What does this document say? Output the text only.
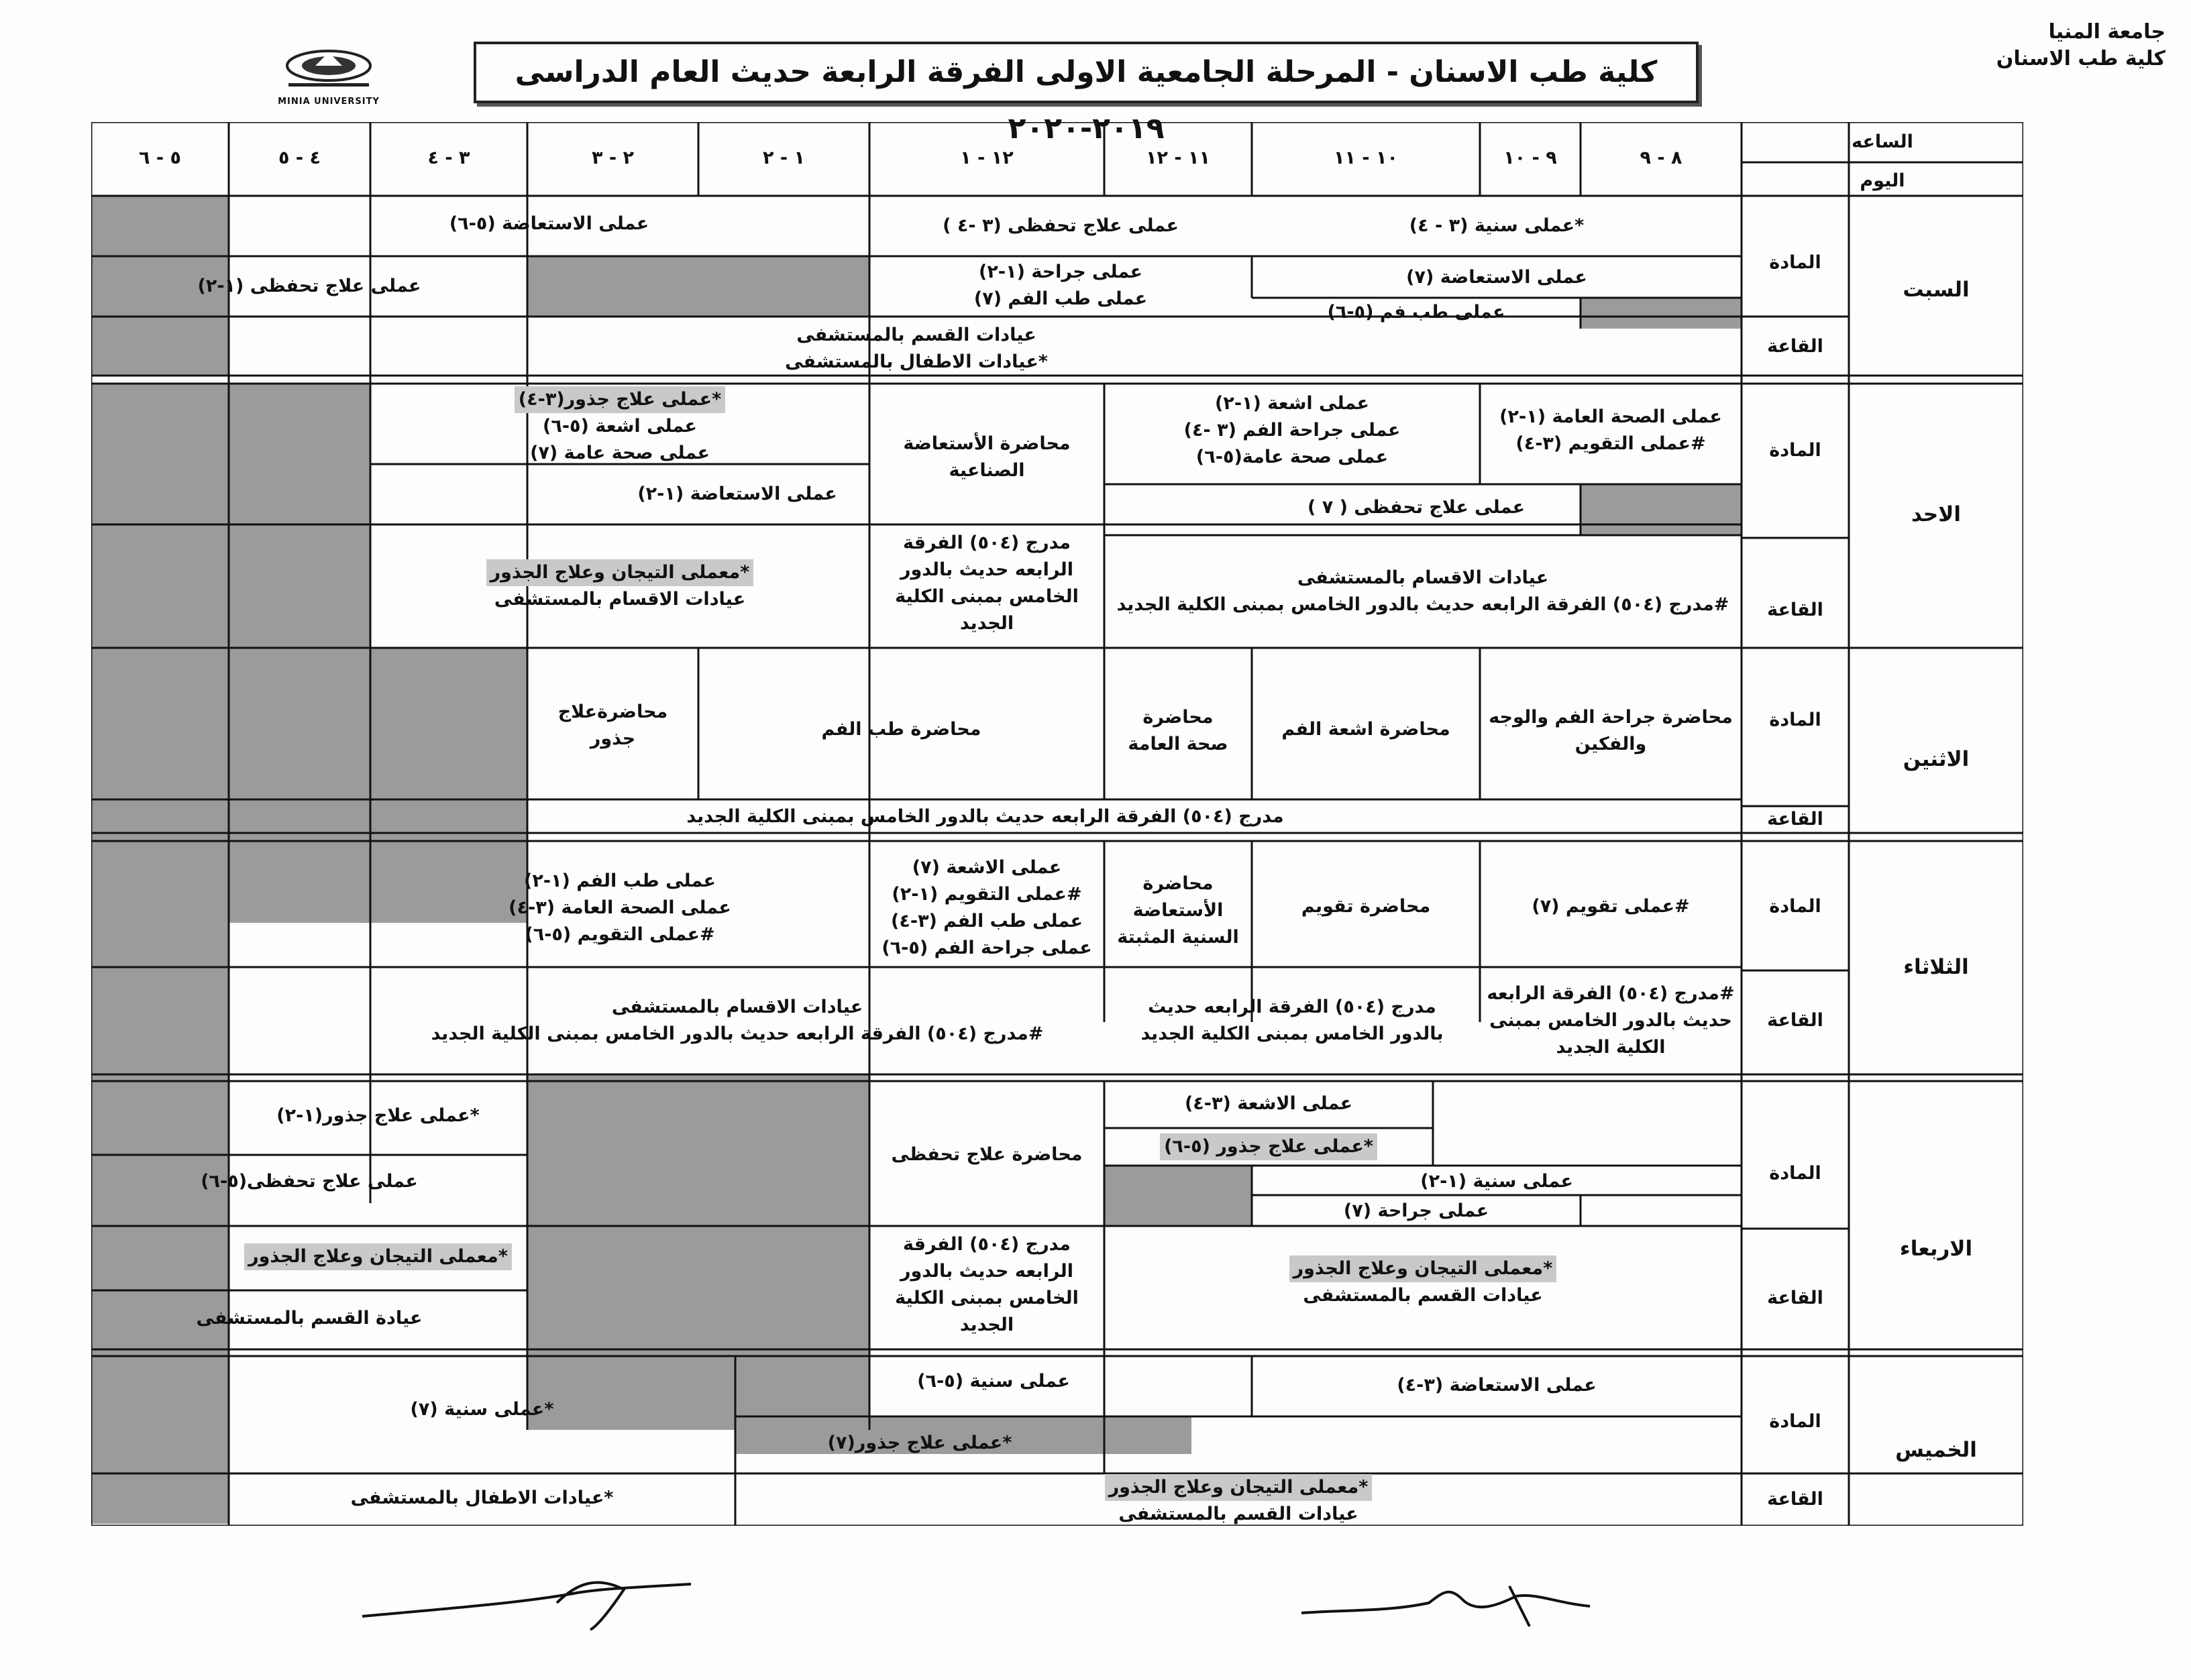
جامعة المنيا
كلية طب الاسنان
MINIA UNIVERSITY
كلية طب الاسنان - المرحلة الجامعية الاولى الفرقة الرابعة حديث العام الدراسى ٢٠١٩-٢٠٢٠	الساعه
اليوم
٨ - ٩
٩ - ١٠
١٠ - ١١
١١ - ١٢
١٢ - ١
١ - ٢
٢ - ٣
٣ - ٤
٤ - ٥
٥ - ٦
السبت
المادة
القاعة
*عملى سنية (٣ - ٤)
عملى علاج تحفظى (٣ -٤ )
عملى الاستعاضة (٥-٦)
عملى الاستعاضة (٧)
عملى طب فم (٥-٦)
عملى جراحة (١-٢)
عملى طب الفم (٧)
عملى علاج تحفظى (١-٢)
عيادات القسم بالمستشفى
*عيادات الاطفال بالمستشفى
الاحد
المادة
القاعة
عملى الصحة العامة (١-٢)
#عملى التقويم (٣-٤)
عملى اشعة (١-٢)
عملى جراحة الفم (٣ -٤)
عملى صحة عامة(٥-٦)
محاضرة الأستعاضة
الصناعية
*عملى علاج جذور(٣-٤)
عملى اشعة (٥-٦)
عملى صحة عامة (٧)
عملى علاج تحفظى ( ٧ )
عملى الاستعاضة (١-٢)
عيادات الاقسام بالمستشفى
#مدرج (٥٠٤) الفرقة الرابعه حديث بالدور الخامس بمبنى الكلية الجديد
مدرج (٥٠٤) الفرقة
الرابعه حديث بالدور
الخامس بمبنى الكلية
الجديد
*معملى التيجان وعلاج الجذور
عيادات الاقسام بالمستشفى
الاثنين
المادة
القاعة
محاضرة جراحة الفم والوجه
والفكين
محاضرة اشعة الفم
محاضرة
صحة العامة
محاضرة طب الفم
محاضرةعلاج
جذور
مدرج (٥٠٤) الفرقة الرابعه حديث بالدور الخامس بمبنى الكلية الجديد
الثلاثاء
المادة
القاعة
#عملى تقويم (٧)
محاضرة تقويم
محاضرة
الأستعاضة
السنية المثبتة
عملى الاشعة (٧)
#عملى التقويم (١-٢)
عملى طب الفم (٣-٤)
عملى جراحة الفم (٥-٦)
عملى طب الفم (١-٢)
عملى الصحة العامة (٣-٤)
#عملى التقويم (٥-٦)
#مدرج (٥٠٤) الفرقة الرابعه
حديث بالدور الخامس بمبنى
الكلية الجديد
مدرج (٥٠٤) الفرقة الرابعه حديث
بالدور الخامس بمبنى الكلية الجديد
عيادات الاقسام بالمستشفى
#مدرج (٥٠٤) الفرقة الرابعه حديث بالدور الخامس بمبنى الكلية الجديد
الاربعاء
المادة
القاعة
عملى الاشعة (٣-٤)
*عملى علاج جذور (٥-٦)
عملى سنية (١-٢)
عملى جراحة (٧)
محاضرة علاج تحفظى
*عملى علاج جذور(١-٢)
عملى علاج تحفظى(٥-٦)
*معملى التيجان وعلاج الجذور
عيادات القسم بالمستشفى
مدرج (٥٠٤) الفرقة
الرابعه حديث بالدور
الخامس بمبنى الكلية
الجديد
*معملى التيجان وعلاج الجذور
عيادة القسم بالمستشفى
الخميس
المادة
القاعة
عملى الاستعاضة (٣-٤)
عملى سنية (٥-٦)
*عملى علاج جذور(٧)
*عملى سنية (٧)
*معملى التيجان وعلاج الجذور
عيادات القسم بالمستشفى
*عيادات الاطفال بالمستشفى
